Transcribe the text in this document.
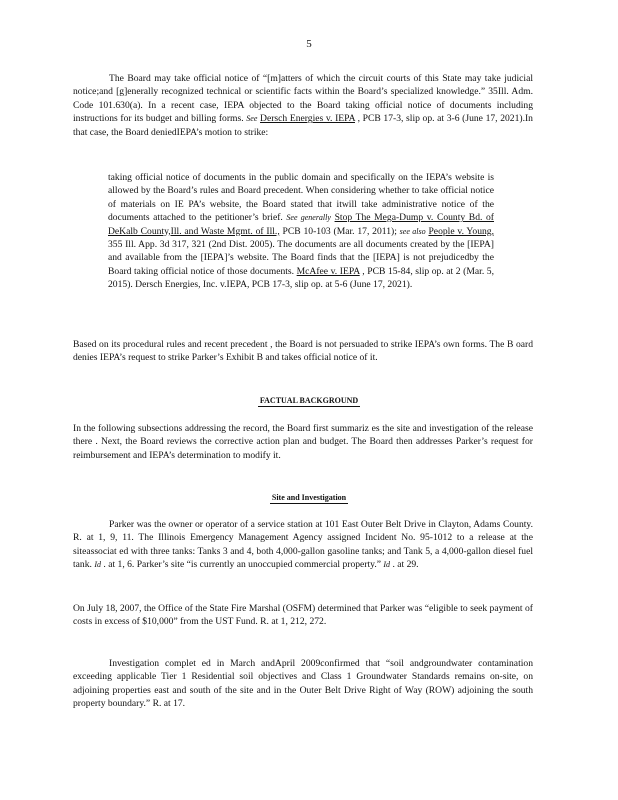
5

The Board may take official notice of “[m]atters of which the circuit courts of this State may take judicial notice;and [g]enerally recognized technical or scientific facts within the Board’s specialized knowledge.” 35Ill. Adm. Code 101.630(a). In a recent case, IEPA objected to the Board taking official notice of documents including instructions for its budget and billing forms. See Dersch Energies v. IEPA , PCB 17-3, slip op. at 3-6 (June 17, 2021).In that case, the Board deniedIEPA’s motion to strike:

taking official notice of documents in the public domain and specifically on the IEPA’s website is allowed by the Board’s rules and Board precedent. When considering whether to take official notice of materials on IE PA’s website, the Board stated that itwill take administrative notice of the documents attached to the petitioner’s brief. See generally Stop The Mega-Dump v. County Bd. of DeKalb County,Ill. and Waste Mgmt. of Ill., PCB 10-103 (Mar. 17, 2011); see also People v. Young, 355 Ill. App. 3d 317, 321 (2nd Dist. 2005). The documents are all documents created by the [IEPA] and available from the [IEPA]’s website. The Board finds that the [IEPA] is not prejudicedby the Board taking official notice of those documents. McAfee v. IEPA , PCB 15-84, slip op. at 2 (Mar. 5, 2015). Dersch Energies, Inc. v.IEPA, PCB 17-3, slip op. at 5-6 (June 17, 2021).

Based on its procedural rules and recent precedent , the Board is not persuaded to strike IEPA’s own forms. The B oard denies IEPA’s request to strike Parker’s Exhibit B and takes official notice of it.

FACTUAL BACKGROUND

In the following subsections addressing the record, the Board first summariz es the site and investigation of the release there . Next, the Board reviews the corrective action plan and budget. The Board then addresses Parker’s request for reimbursement and IEPA’s determination to modify it.

Site and Investigation

Parker was the owner or operator of a service station at 101 East Outer Belt Drive in Clayton, Adams County. R. at 1, 9, 11. The Illinois Emergency Management Agency assigned Incident No. 95-1012 to a release at the siteassociat ed with three tanks: Tanks 3 and 4, both 4,000-gallon gasoline tanks; and Tank 5, a 4,000-gallon diesel fuel tank. Id . at 1, 6. Parker’s site “is currently an unoccupied commercial property.” Id . at 29.

On July 18, 2007, the Office of the State Fire Marshal (OSFM) determined that Parker was “eligible to seek payment of costs in excess of $10,000” from the UST Fund. R. at 1, 212, 272.

Investigation complet ed in March andApril 2009confirmed that “soil andgroundwater contamination exceeding applicable Tier 1 Residential soil objectives and Class 1 Groundwater Standards remains on-site, on adjoining properties east and south of the site and in the Outer Belt Drive Right of Way (ROW) adjoining the south property boundary.” R. at 17.
